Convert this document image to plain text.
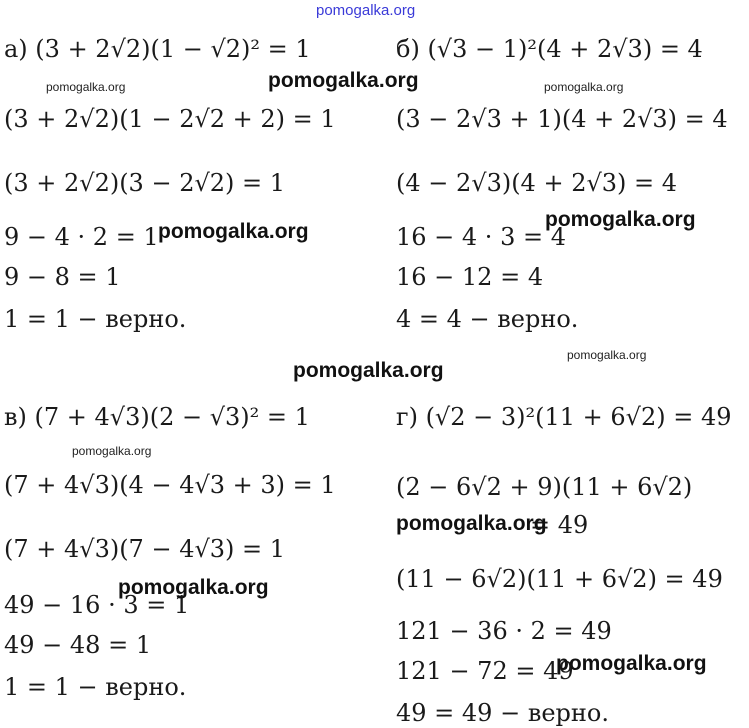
pomogalka.org
а) (3 + 2√2)(1 − √2)² = 1
(3 + 2√2)(1 − 2√2 + 2) = 1
(3 + 2√2)(3 − 2√2) = 1
9 − 4 · 2 = 1
9 − 8 = 1
1 = 1 − верно.
б) (√3 − 1)²(4 + 2√3) = 4
(3 − 2√3 + 1)(4 + 2√3) = 4
(4 − 2√3)(4 + 2√3) = 4
16 − 4 · 3 = 4
16 − 12 = 4
4 = 4 − верно.
в) (7 + 4√3)(2 − √3)² = 1
(7 + 4√3)(4 − 4√3 + 3) = 1
(7 + 4√3)(7 − 4√3) = 1
49 − 16 · 3 = 1
49 − 48 = 1
1 = 1 − верно.
г) (√2 − 3)²(11 + 6√2) = 49
(2 − 6√2 + 9)(11 + 6√2)
= 49
(11 − 6√2)(11 + 6√2) = 49
121 − 36 · 2 = 49
121 − 72 = 49
49 = 49 − верно.
pomogalka.org	pomogalka.org	pomogalka.org
pomogalka.org
pomogalka.org
pomogalka.org
pomogalka.org
pomogalka.org
pomogalka.org
pomogalka.org
pomogalka.org
